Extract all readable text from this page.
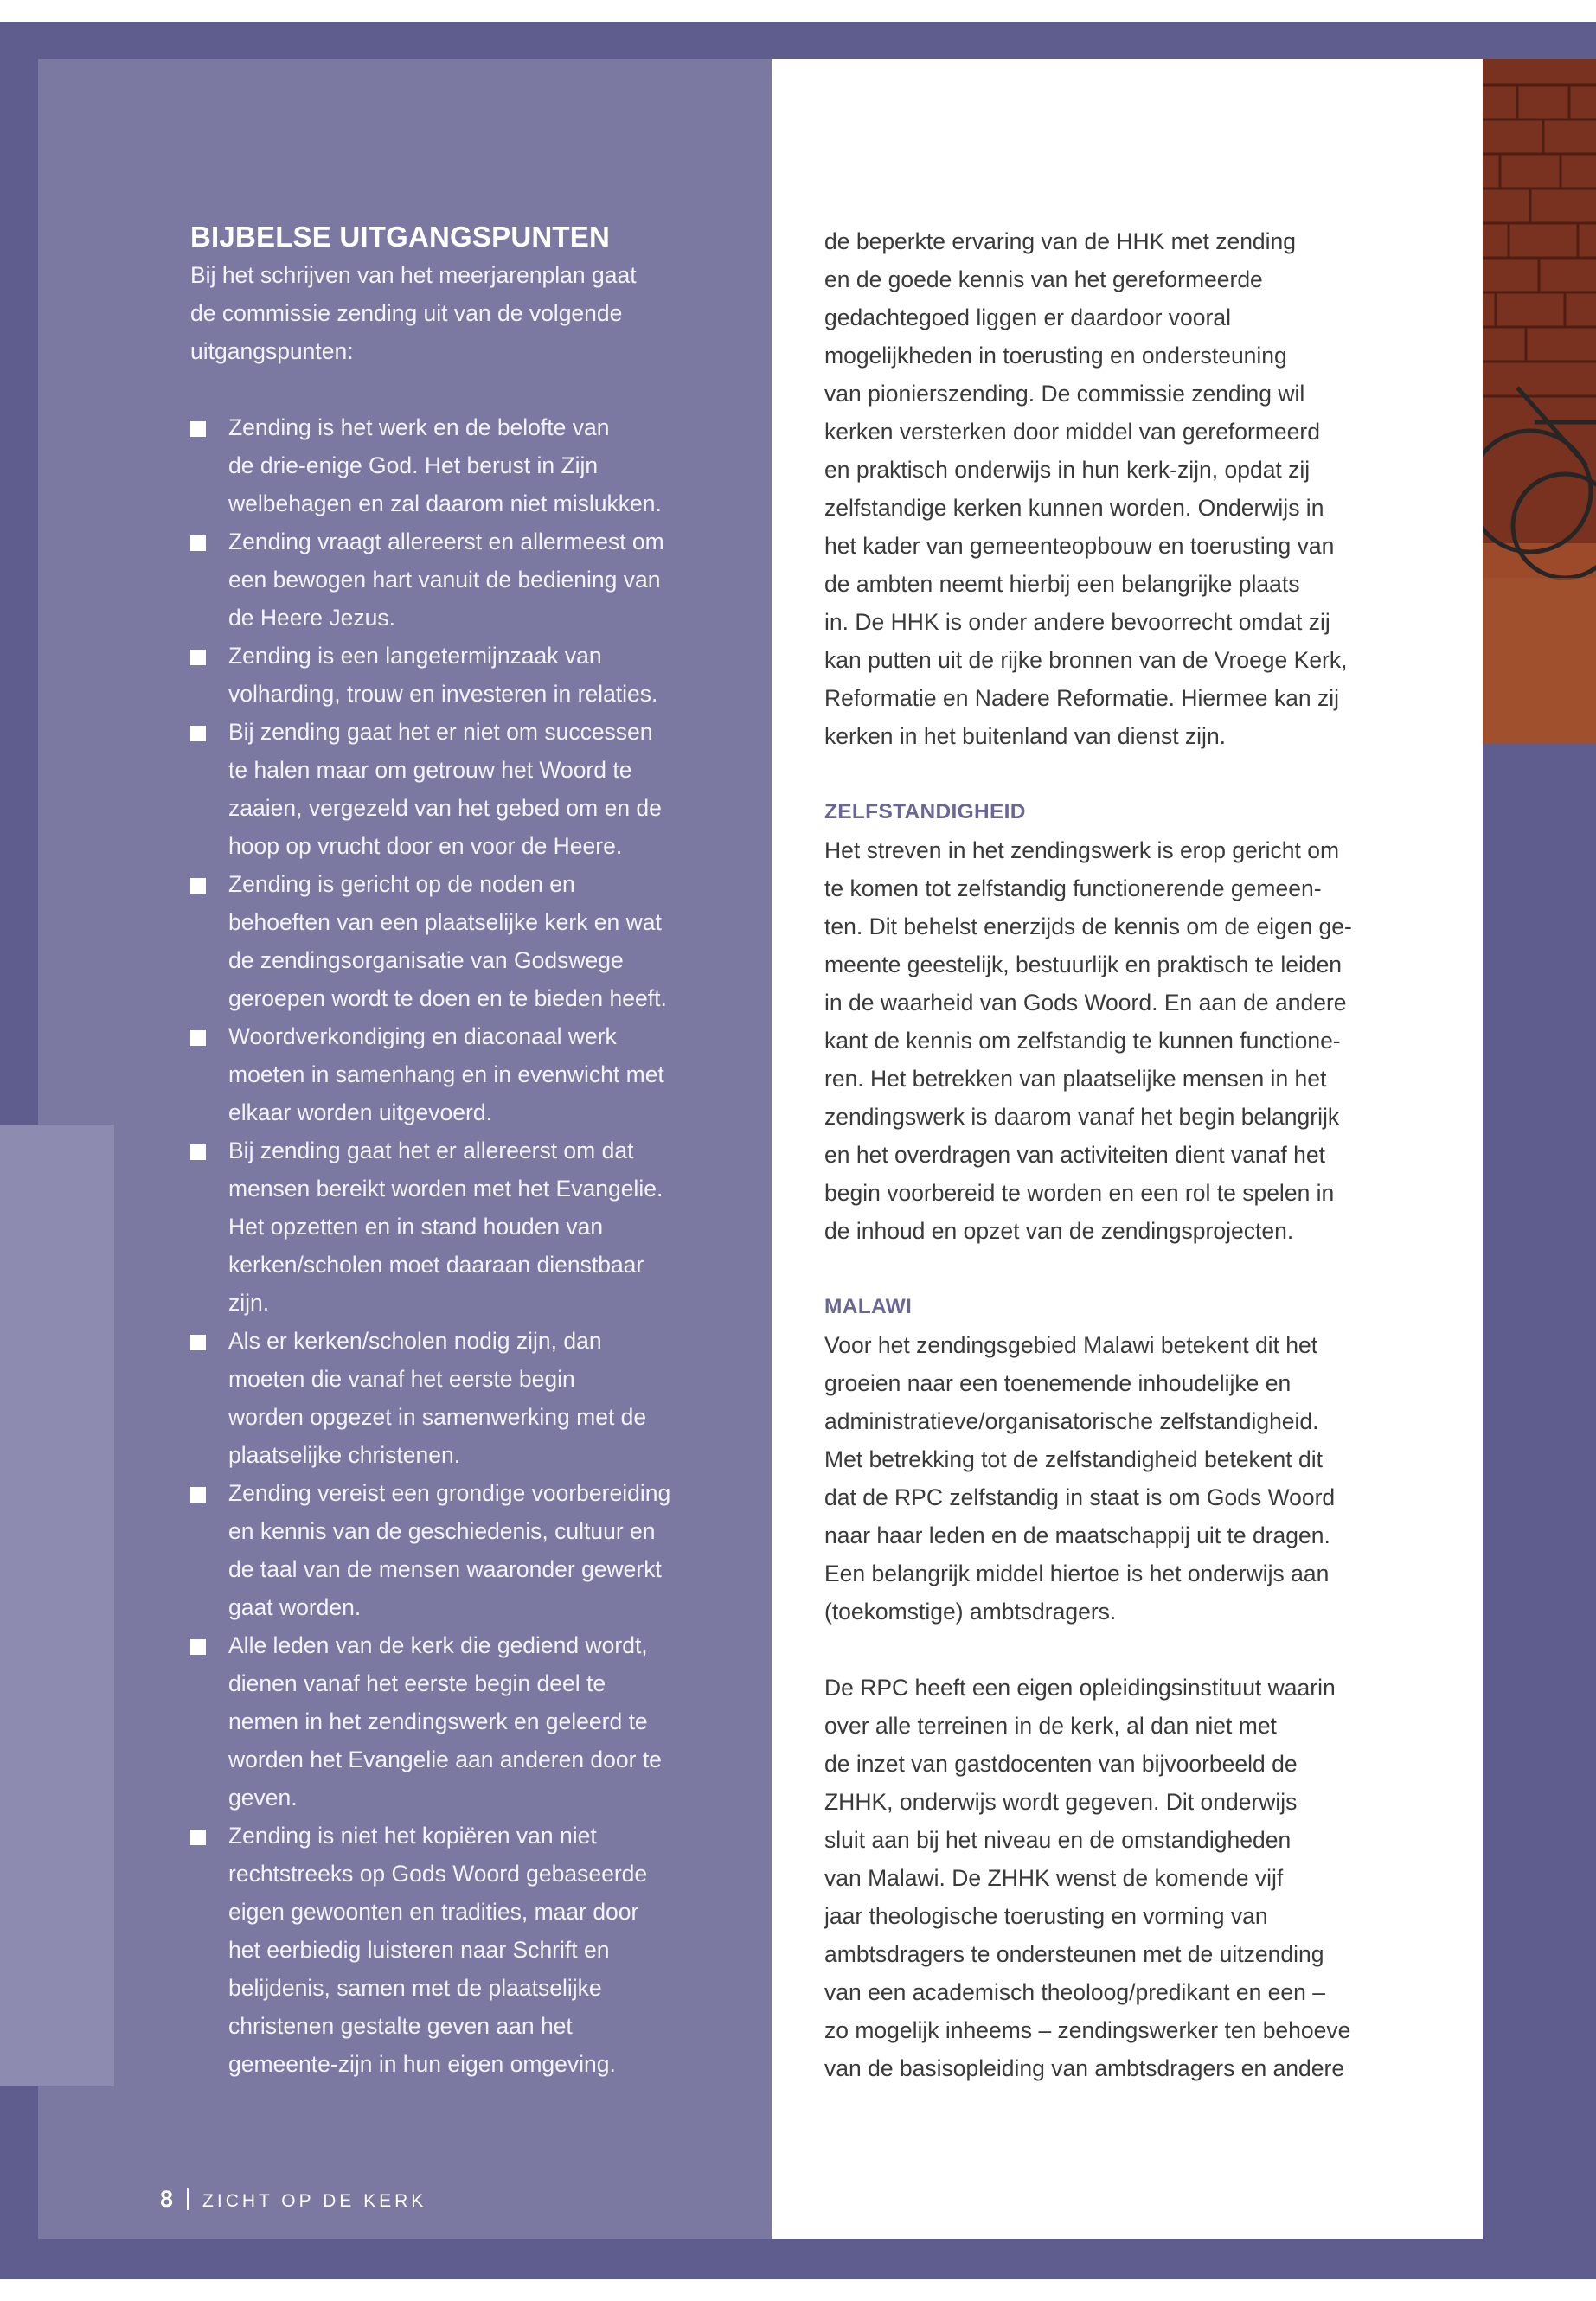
BIJBELSE UITGANGSPUNTEN

Bij het schrijven van het meerjarenplan gaat
de commissie zending uit van de volgende
uitgangspunten:

Zending is het werk en de belofte van
de drie-enige God. Het berust in Zijn
welbehagen en zal daarom niet mislukken.
Zending vraagt allereerst en allermeest om
een bewogen hart vanuit de bediening van
de Heere Jezus.
Zending is een langetermijnzaak van
volharding, trouw en investeren in relaties.
Bij zending gaat het er niet om successen
te halen maar om getrouw het Woord te
zaaien, vergezeld van het gebed om en de
hoop op vrucht door en voor de Heere.
Zending is gericht op de noden en
behoeften van een plaatselijke kerk en wat
de zendingsorganisatie van Godswege
geroepen wordt te doen en te bieden heeft.
Woordverkondiging en diaconaal werk
moeten in samenhang en in evenwicht met
elkaar worden uitgevoerd.
Bij zending gaat het er allereerst om dat
mensen bereikt worden met het Evangelie.
Het opzetten en in stand houden van
kerken/scholen moet daaraan dienstbaar
zijn.
Als er kerken/scholen nodig zijn, dan
moeten die vanaf het eerste begin
worden opgezet in samenwerking met de
plaatselijke christenen.
Zending vereist een grondige voorbereiding
en kennis van de geschiedenis, cultuur en
de taal van de mensen waaronder gewerkt
gaat worden.
Alle leden van de kerk die gediend wordt,
dienen vanaf het eerste begin deel te
nemen in het zendingswerk en geleerd te
worden het Evangelie aan anderen door te
geven.
Zending is niet het kopiëren van niet
rechtstreeks op Gods Woord gebaseerde
eigen gewoonten en tradities, maar door
het eerbiedig luisteren naar Schrift en
belijdenis, samen met de plaatselijke
christenen gestalte geven aan het
gemeente-zijn in hun eigen omgeving.

de beperkte ervaring van de HHK met zending
en de goede kennis van het gereformeerde
gedachtegoed liggen er daardoor vooral
mogelijkheden in toerusting en ondersteuning
van pionierszending. De commissie zending wil
kerken versterken door middel van gereformeerd
en praktisch onderwijs in hun kerk-zijn, opdat zij
zelfstandige kerken kunnen worden. Onderwijs in
het kader van gemeenteopbouw en toerusting van
de ambten neemt hierbij een belangrijke plaats
in. De HHK is onder andere bevoorrecht omdat zij
kan putten uit de rijke bronnen van de Vroege Kerk,
Reformatie en Nadere Reformatie. Hiermee kan zij
kerken in het buitenland van dienst zijn.

ZELFSTANDIGHEID

Het streven in het zendingswerk is erop gericht om
te komen tot zelfstandig functionerende gemeen-
ten. Dit behelst enerzijds de kennis om de eigen ge-
meente geestelijk, bestuurlijk en praktisch te leiden
in de waarheid van Gods Woord. En aan de andere
kant de kennis om zelfstandig te kunnen functione-
ren. Het betrekken van plaatselijke mensen in het
zendingswerk is daarom vanaf het begin belangrijk
en het overdragen van activiteiten dient vanaf het
begin voorbereid te worden en een rol te spelen in
de inhoud en opzet van de zendingsprojecten.

MALAWI

Voor het zendingsgebied Malawi betekent dit het
groeien naar een toenemende inhoudelijke en
administratieve/organisatorische zelfstandigheid.
Met betrekking tot de zelfstandigheid betekent dit
dat de RPC zelfstandig in staat is om Gods Woord
naar haar leden en de maatschappij uit te dragen.
Een belangrijk middel hiertoe is het onderwijs aan
(toekomstige) ambtsdragers.

De RPC heeft een eigen opleidingsinstituut waarin
over alle terreinen in de kerk, al dan niet met
de inzet van gastdocenten van bijvoorbeeld de
ZHHK, onderwijs wordt gegeven. Dit onderwijs
sluit aan bij het niveau en de omstandigheden
van Malawi. De ZHHK wenst de komende vijf
jaar theologische toerusting en vorming van
ambtsdragers te ondersteunen met de uitzending
van een academisch theoloog/predikant en een –
zo mogelijk inheems – zendingswerker ten behoeve
van de basisopleiding van ambtsdragers en andere

8 ZICHT OP DE KERK
